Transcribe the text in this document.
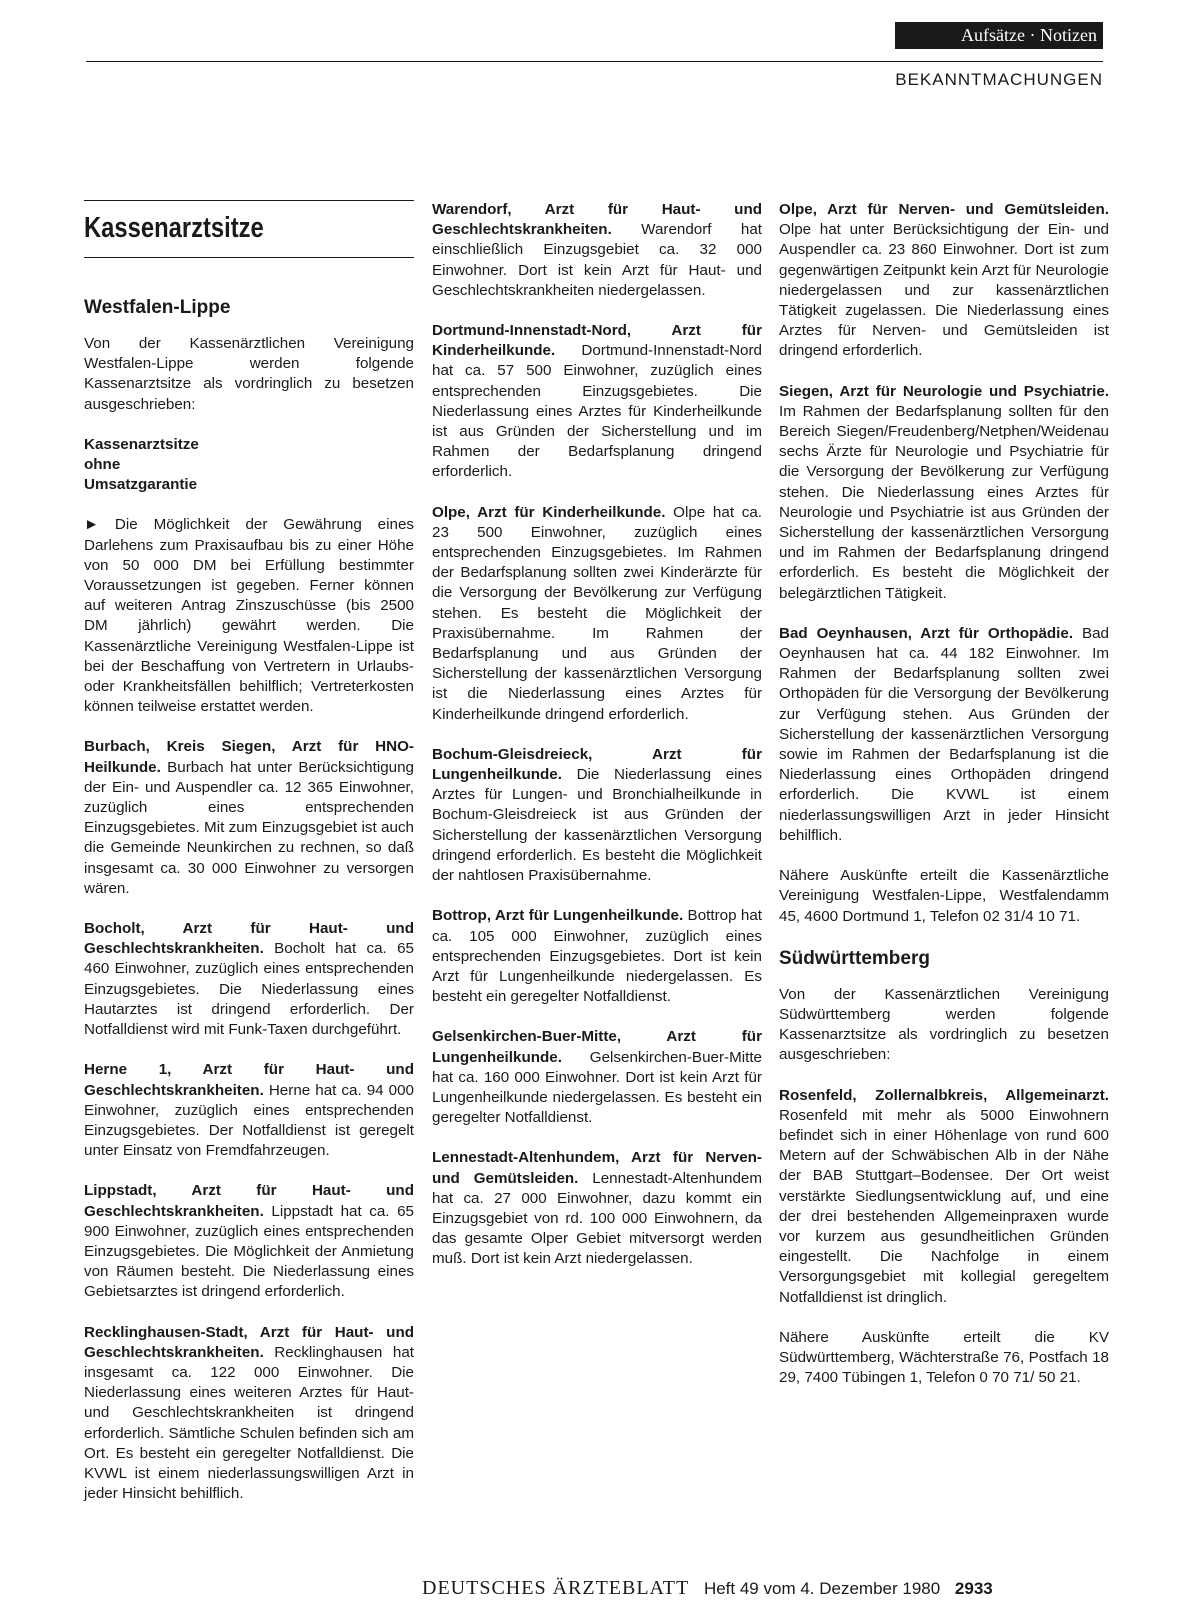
Aufsätze · Notizen
BEKANNTMACHUNGEN
Kassenarztsitze
Westfalen-Lippe

Von der Kassenärztlichen Vereinigung Westfalen-Lippe werden folgende Kassenarztsitze als vordringlich zu besetzen ausgeschrieben:

Kassenarztsitze
ohne
Umsatzgarantie

► Die Möglichkeit der Gewährung eines Darlehens zum Praxisaufbau bis zu einer Höhe von 50 000 DM bei Erfüllung bestimmter Voraussetzungen ist gegeben. Ferner können auf weiteren Antrag Zinszuschüsse (bis 2500 DM jährlich) gewährt werden. Die Kassenärztliche Vereinigung Westfalen-Lippe ist bei der Beschaffung von Vertretern in Urlaubs- oder Krankheitsfällen behilflich; Vertreterkosten können teilweise erstattet werden.

Burbach, Kreis Siegen, Arzt für HNO-Heilkunde. Burbach hat unter Berücksichtigung der Ein- und Auspendler ca. 12 365 Einwohner, zuzüglich eines entsprechenden Einzugsgebietes. Mit zum Einzugsgebiet ist auch die Gemeinde Neunkirchen zu rechnen, so daß insgesamt ca. 30 000 Einwohner zu versorgen wären.

Bocholt, Arzt für Haut- und Geschlechtskrankheiten. Bocholt hat ca. 65 460 Einwohner, zuzüglich eines entsprechenden Einzugsgebietes. Die Niederlassung eines Hautarztes ist dringend erforderlich. Der Notfalldienst wird mit Funk-Taxen durchgeführt.

Herne 1, Arzt für Haut- und Geschlechtskrankheiten. Herne hat ca. 94 000 Einwohner, zuzüglich eines entsprechenden Einzugsgebietes. Der Notfalldienst ist geregelt unter Einsatz von Fremdfahrzeugen.

Lippstadt, Arzt für Haut- und Geschlechtskrankheiten. Lippstadt hat ca. 65 900 Einwohner, zuzüglich eines entsprechenden Einzugsgebietes. Die Möglichkeit der Anmietung von Räumen besteht. Die Niederlassung eines Gebietsarztes ist dringend erforderlich.

Recklinghausen-Stadt, Arzt für Haut- und Geschlechtskrankheiten. Recklinghausen hat insgesamt ca. 122 000 Einwohner. Die Niederlassung eines weiteren Arztes für Haut- und Geschlechtskrankheiten ist dringend erforderlich. Sämtliche Schulen befinden sich am Ort. Es besteht ein geregelter Notfalldienst. Die KVWL ist einem niederlassungswilligen Arzt in jeder Hinsicht behilflich.

Warendorf, Arzt für Haut- und Geschlechtskrankheiten. Warendorf hat einschließlich Einzugsgebiet ca. 32 000 Einwohner. Dort ist kein Arzt für Haut- und Geschlechtskrankheiten niedergelassen.

Dortmund-Innenstadt-Nord, Arzt für Kinderheilkunde. Dortmund-Innenstadt-Nord hat ca. 57 500 Einwohner, zuzüglich eines entsprechenden Einzugsgebietes. Die Niederlassung eines Arztes für Kinderheilkunde ist aus Gründen der Sicherstellung und im Rahmen der Bedarfsplanung dringend erforderlich.

Olpe, Arzt für Kinderheilkunde. Olpe hat ca. 23 500 Einwohner, zuzüglich eines entsprechenden Einzugsgebietes. Im Rahmen der Bedarfsplanung sollten zwei Kinderärzte für die Versorgung der Bevölkerung zur Verfügung stehen. Es besteht die Möglichkeit der Praxisübernahme. Im Rahmen der Bedarfsplanung und aus Gründen der Sicherstellung der kassenärztlichen Versorgung ist die Niederlassung eines Arztes für Kinderheilkunde dringend erforderlich.

Bochum-Gleisdreieck, Arzt für Lungenheilkunde. Die Niederlassung eines Arztes für Lungen- und Bronchialheilkunde in Bochum-Gleisdreieck ist aus Gründen der Sicherstellung der kassenärztlichen Versorgung dringend erforderlich. Es besteht die Möglichkeit der nahtlosen Praxisübernahme.

Bottrop, Arzt für Lungenheilkunde. Bottrop hat ca. 105 000 Einwohner, zuzüglich eines entsprechenden Einzugsgebietes. Dort ist kein Arzt für Lungenheilkunde niedergelassen. Es besteht ein geregelter Notfalldienst.

Gelsenkirchen-Buer-Mitte, Arzt für Lungenheilkunde. Gelsenkirchen-Buer-Mitte hat ca. 160 000 Einwohner. Dort ist kein Arzt für Lungenheilkunde niedergelassen. Es besteht ein geregelter Notfalldienst.

Lennestadt-Altenhundem, Arzt für Nerven- und Gemütsleiden. Lennestadt-Altenhundem hat ca. 27 000 Einwohner, dazu kommt ein Einzugsgebiet von rd. 100 000 Einwohnern, da das gesamte Olper Gebiet mitversorgt werden muß. Dort ist kein Arzt niedergelassen.

Olpe, Arzt für Nerven- und Gemütsleiden. Olpe hat unter Berücksichtigung der Ein- und Auspendler ca. 23 860 Einwohner. Dort ist zum gegenwärtigen Zeitpunkt kein Arzt für Neurologie niedergelassen und zur kassenärztlichen Tätigkeit zugelassen. Die Niederlassung eines Arztes für Nerven- und Gemütsleiden ist dringend erforderlich.

Siegen, Arzt für Neurologie und Psychiatrie. Im Rahmen der Bedarfsplanung sollten für den Bereich Siegen/Freudenberg/Netphen/Weidenau sechs Ärzte für Neurologie und Psychiatrie für die Versorgung der Bevölkerung zur Verfügung stehen. Die Niederlassung eines Arztes für Neurologie und Psychiatrie ist aus Gründen der Sicherstellung der kassenärztlichen Versorgung und im Rahmen der Bedarfsplanung dringend erforderlich. Es besteht die Möglichkeit der belegärztlichen Tätigkeit.

Bad Oeynhausen, Arzt für Orthopädie. Bad Oeynhausen hat ca. 44 182 Einwohner. Im Rahmen der Bedarfsplanung sollten zwei Orthopäden für die Versorgung der Bevölkerung zur Verfügung stehen. Aus Gründen der Sicherstellung der kassenärztlichen Versorgung sowie im Rahmen der Bedarfsplanung ist die Niederlassung eines Orthopäden dringend erforderlich. Die KVWL ist einem niederlassungswilligen Arzt in jeder Hinsicht behilflich.

Nähere Auskünfte erteilt die Kassenärztliche Vereinigung Westfalen-Lippe, Westfalendamm 45, 4600 Dortmund 1, Telefon 02 31/4 10 71.

Südwürttemberg

Von der Kassenärztlichen Vereinigung Südwürttemberg werden folgende Kassenarztsitze als vordringlich zu besetzen ausgeschrieben:

Rosenfeld, Zollernalbkreis, Allgemeinarzt. Rosenfeld mit mehr als 5000 Einwohnern befindet sich in einer Höhenlage von rund 600 Metern auf der Schwäbischen Alb in der Nähe der BAB Stuttgart–Bodensee. Der Ort weist verstärkte Siedlungsentwicklung auf, und eine der drei bestehenden Allgemeinpraxen wurde vor kurzem aus gesundheitlichen Gründen eingestellt. Die Nachfolge in einem Versorgungsgebiet mit kollegial geregeltem Notfalldienst ist dringlich.

Nähere Auskünfte erteilt die KV Südwürttemberg, Wächterstraße 76, Postfach 18 29, 7400 Tübingen 1, Telefon 0 70 71/ 50 21.

DEUTSCHES ÄRZTEBLATT Heft 49 vom 4. Dezember 1980 2933
